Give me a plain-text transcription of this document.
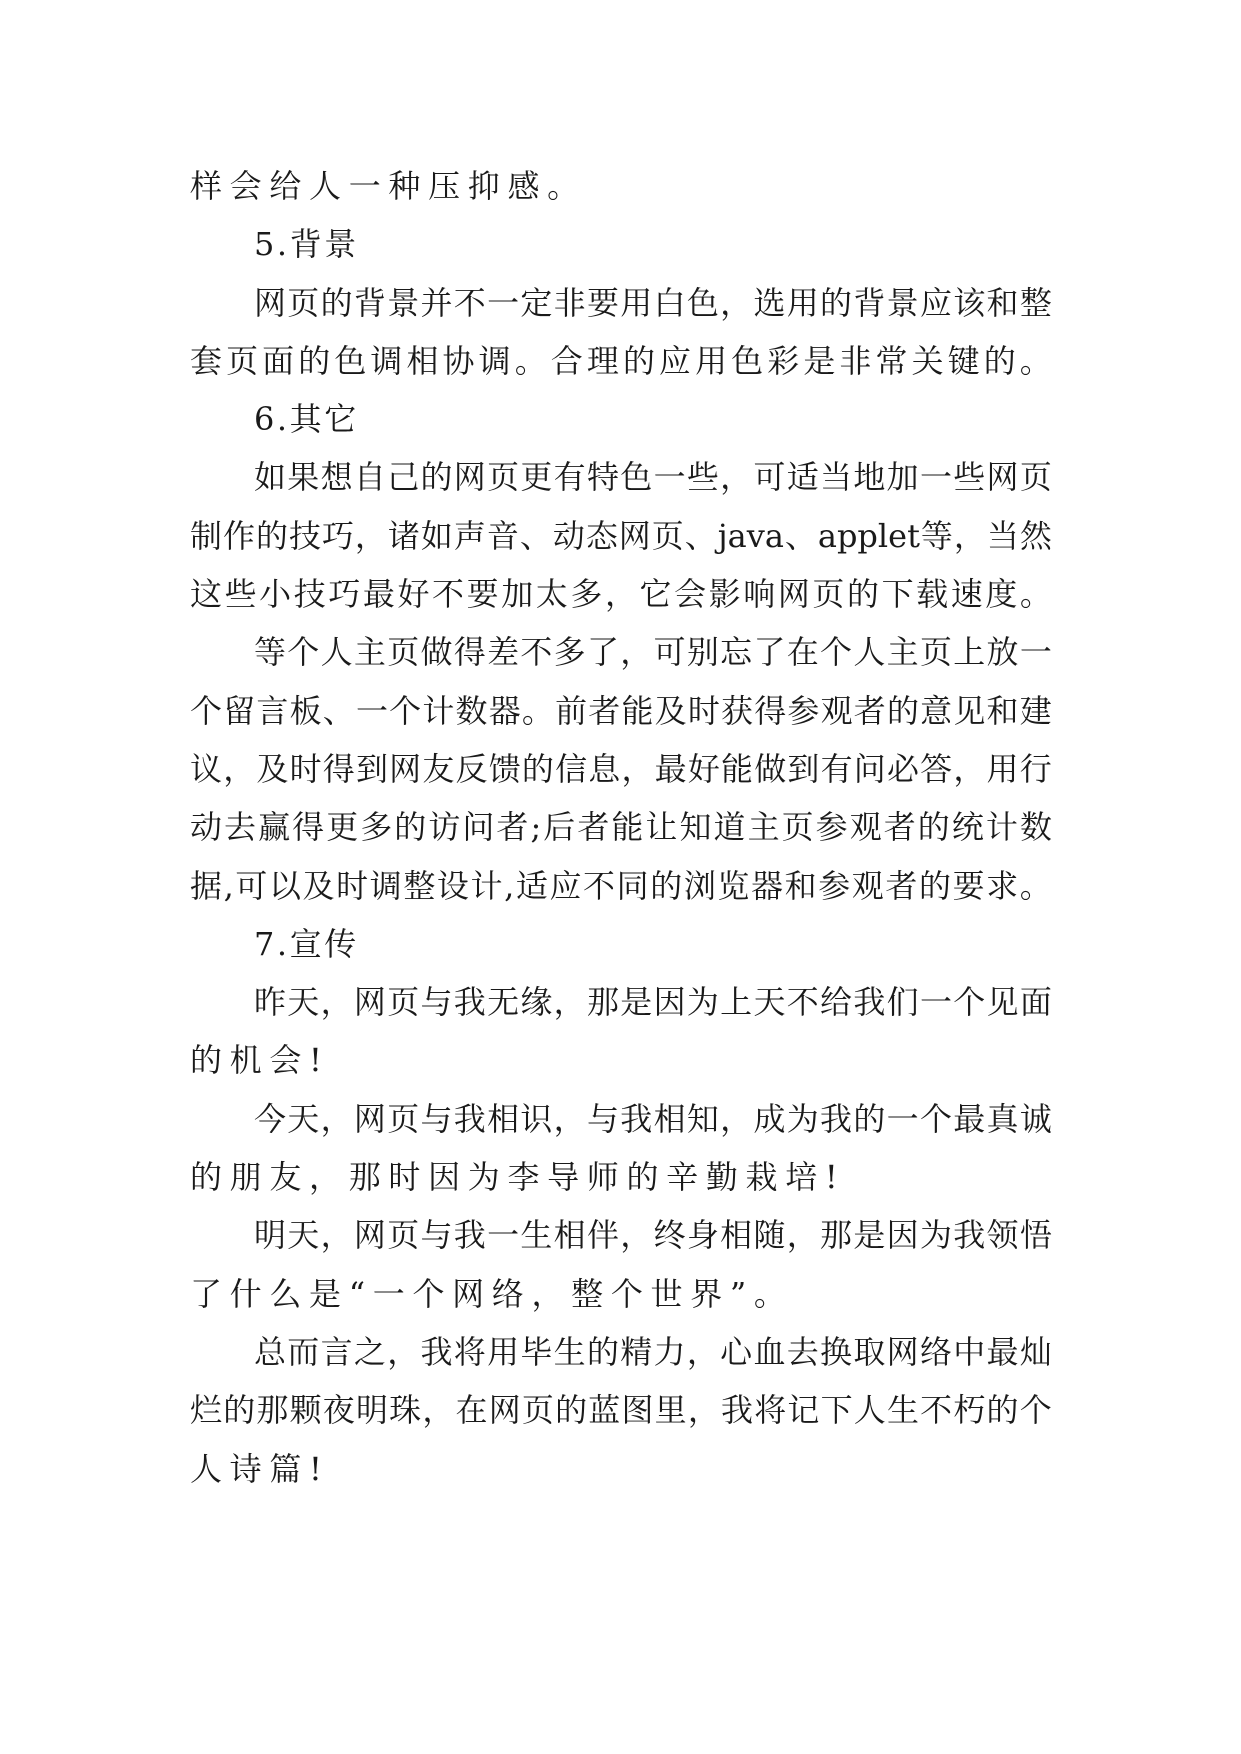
样会给人一种压抑感。
5.背景
网 页 的 背 景 并 不 一 定 非 要 用 白 色 ， 选 用 的 背 景 应 该 和 整
套 页 面 的 色 调 相 协 调 。 合 理 的 应 用 色 彩 是 非 常 关 键 的 。
6.其它
如 果 想 自 己 的 网 页 更 有 特 色 一 些 ， 可 适 当 地 加 一 些 网 页
制 作 的 技 巧 ， 诸 如 声 音 、 动 态 网 页 、 java 、 applet 等 ， 当 然
这 些 小 技 巧 最 好 不 要 加 太 多 ， 它 会 影 响 网 页 的 下 载 速 度 。
等 个 人 主 页 做 得 差 不 多 了 ， 可 别 忘 了 在 个 人 主 页 上 放 一
个 留 言 板 、 一 个 计 数 器 。 前 者 能 及 时 获 得 参 观 者 的 意 见 和 建
议 ， 及 时 得 到 网 友 反 馈 的 信 息 ， 最 好 能 做 到 有 问 必 答 ， 用 行
动 去 赢 得 更 多 的 访 问 者 ; 后 者 能 让 知 道 主 页 参 观 者 的 统 计 数
据 , 可 以 及 时 调 整 设 计 , 适 应 不 同 的 浏 览 器 和 参 观 者 的 要 求 。
7.宣传
昨 天 ， 网 页 与 我 无 缘 ， 那 是 因 为 上 天 不 给 我 们 一 个 见 面
的机会!
今 天 ， 网 页 与 我 相 识 ， 与 我 相 知 ， 成 为 我 的 一 个 最 真 诚
的朋友，那时因为李导师的辛勤栽培!
明 天 ， 网 页 与 我 一 生 相 伴 ， 终 身 相 随 ， 那 是 因 为 我 领 悟
了什么是“一个网络，整个世界”。
总 而 言 之 ， 我 将 用 毕 生 的 精 力 ， 心 血 去 换 取 网 络 中 最 灿
烂 的 那 颗 夜 明 珠 ， 在 网 页 的 蓝 图 里 ， 我 将 记 下 人 生 不 朽 的 个
人诗篇!
